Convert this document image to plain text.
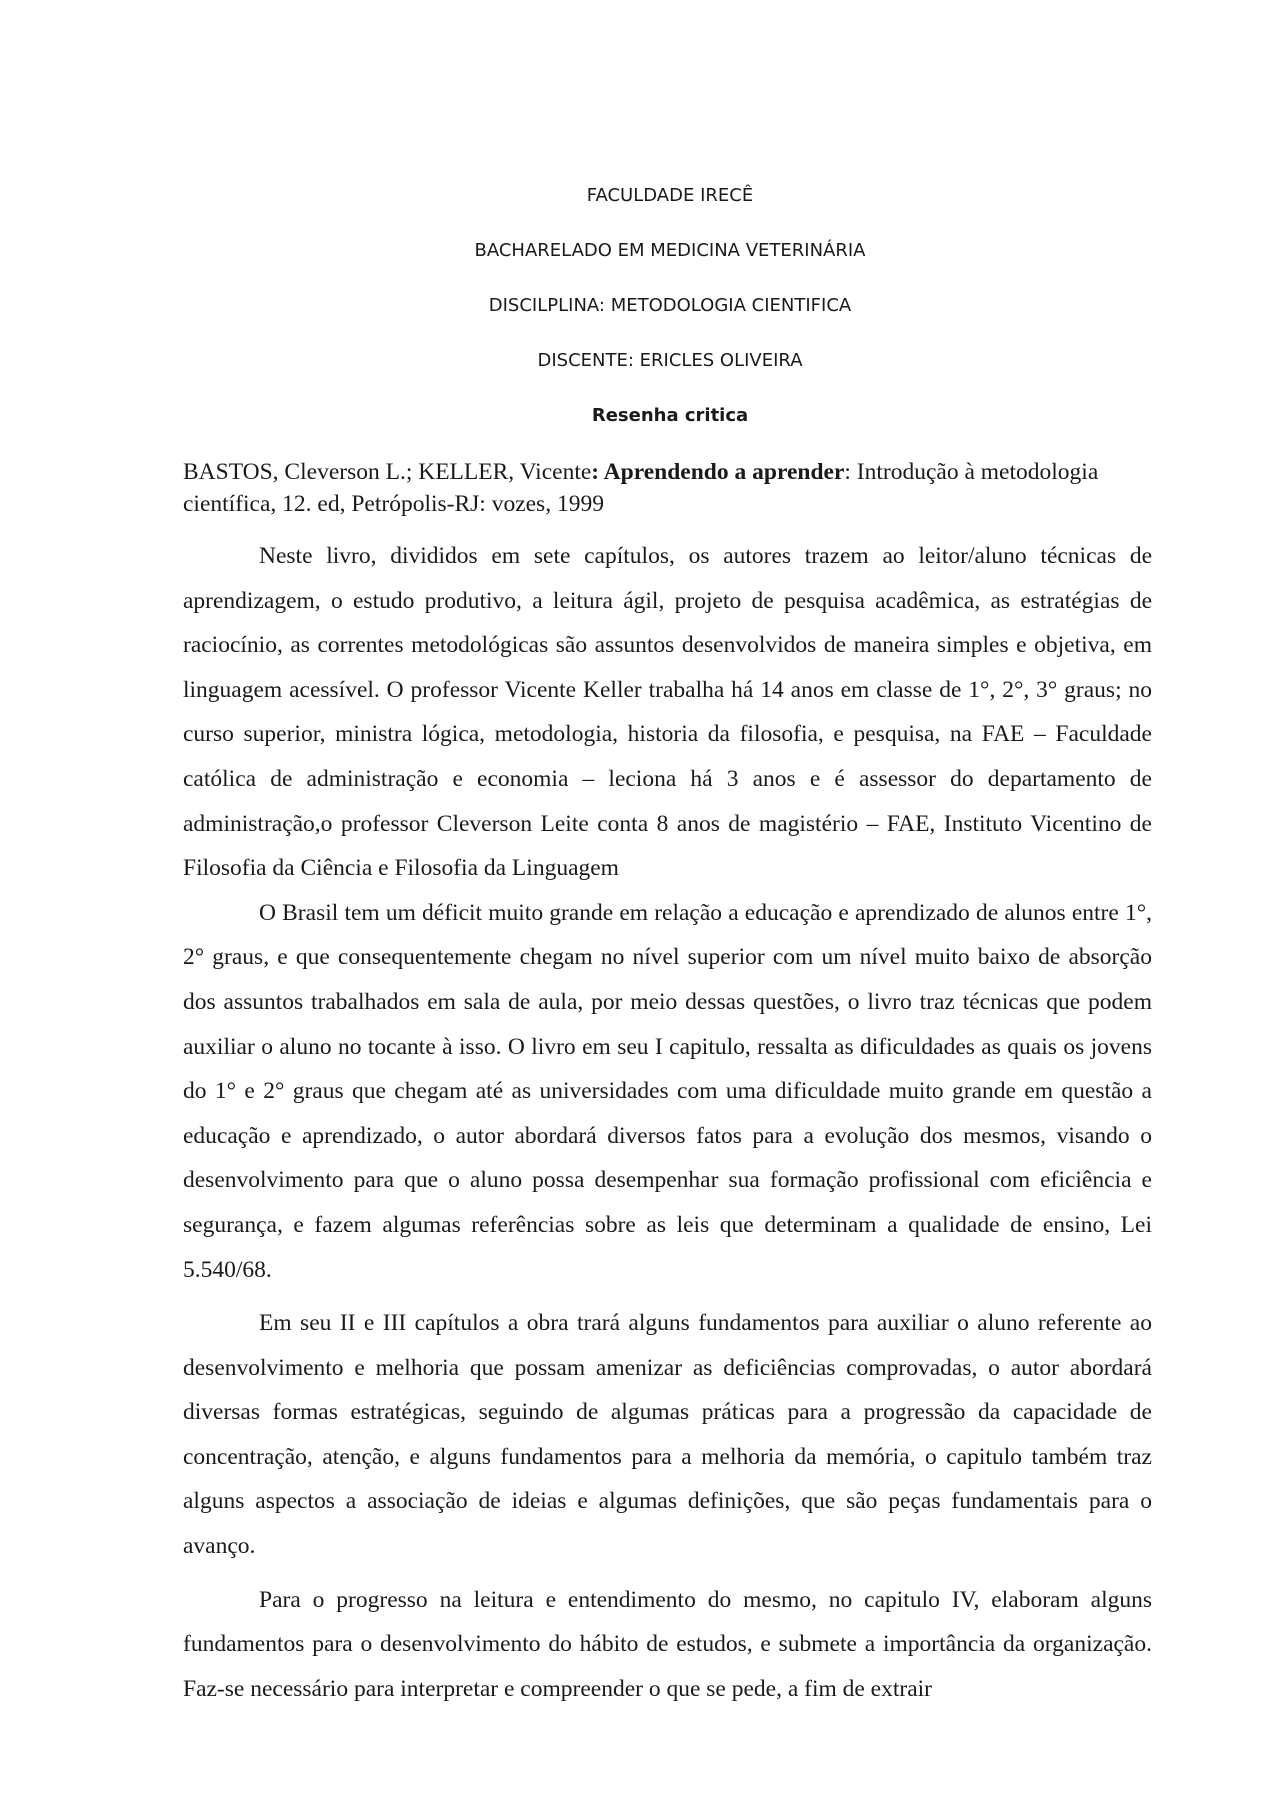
FACULDADE IRECÊ
BACHARELADO EM MEDICINA VETERINÁRIA
DISCILPLINA: METODOLOGIA CIENTIFICA
DISCENTE: ERICLES OLIVEIRA
Resenha critica
BASTOS, Cleverson L.; KELLER, Vicente: Aprendendo a aprender: Introdução à metodologia científica, 12. ed, Petrópolis-RJ: vozes, 1999

Neste livro, divididos em sete capítulos, os autores trazem ao leitor/aluno técnicas de aprendizagem, o estudo produtivo, a leitura ágil, projeto de pesquisa acadêmica, as estratégias de raciocínio, as correntes metodológicas são assuntos desenvolvidos de maneira simples e objetiva, em linguagem acessível. O professor Vicente Keller trabalha há 14 anos em classe de 1°, 2°, 3° graus; no curso superior, ministra lógica, metodologia, historia da filosofia, e pesquisa, na FAE – Faculdade católica de administração e economia – leciona há 3 anos e é assessor do departamento de administração,o professor Cleverson Leite conta 8 anos de magistério – FAE, Instituto Vicentino de Filosofia da Ciência e Filosofia da Linguagem

O Brasil tem um déficit muito grande em relação a educação e aprendizado de alunos entre 1°, 2° graus, e que consequentemente chegam no nível superior com um nível muito baixo de absorção dos assuntos trabalhados em sala de aula, por meio dessas questões, o livro traz técnicas que podem auxiliar o aluno no tocante à isso. O livro em seu I capitulo, ressalta as dificuldades as quais os jovens do 1° e 2° graus que chegam até as universidades com uma dificuldade muito grande em questão a educação e aprendizado, o autor abordará diversos fatos para a evolução dos mesmos, visando o desenvolvimento para que o aluno possa desempenhar sua formação profissional com eficiência e segurança, e fazem algumas referências sobre as leis que determinam a qualidade de ensino, Lei 5.540/68.

Em seu II e III capítulos a obra trará alguns fundamentos para auxiliar o aluno referente ao desenvolvimento e melhoria que possam amenizar as deficiências comprovadas, o autor abordará diversas formas estratégicas, seguindo de algumas práticas para a progressão da capacidade de concentração, atenção, e alguns fundamentos para a melhoria da memória, o capitulo também traz alguns aspectos a associação de ideias e algumas definições, que são peças fundamentais para o avanço.

Para o progresso na leitura e entendimento do mesmo, no capitulo IV, elaboram alguns fundamentos para o desenvolvimento do hábito de estudos, e submete a importância da organização. Faz-se necessário para interpretar e compreender o que se pede, a fim de extrair
